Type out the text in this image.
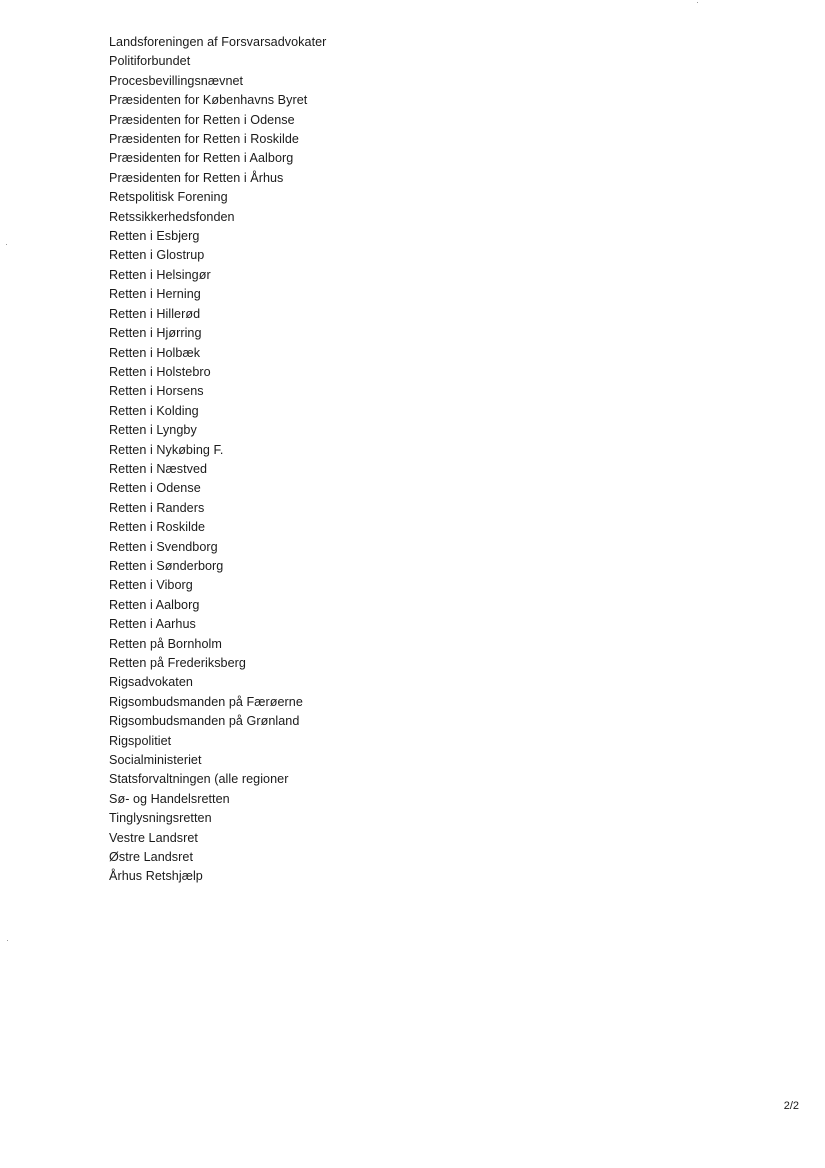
Landsforeningen af Forsvarsadvokater
Politiforbundet
Procesbevillingsnævnet
Præsidenten for Københavns Byret
Præsidenten for Retten i Odense
Præsidenten for Retten i Roskilde
Præsidenten for Retten i Aalborg
Præsidenten for Retten i Århus
Retspolitisk Forening
Retssikkerhedsfonden
Retten i Esbjerg
Retten i Glostrup
Retten i Helsingør
Retten i Herning
Retten i Hillerød
Retten i Hjørring
Retten i Holbæk
Retten i Holstebro
Retten i Horsens
Retten i Kolding
Retten i Lyngby
Retten i Nykøbing F.
Retten i Næstved
Retten i Odense
Retten i Randers
Retten i Roskilde
Retten i Svendborg
Retten i Sønderborg
Retten i Viborg
Retten i Aalborg
Retten i Aarhus
Retten på Bornholm
Retten på Frederiksberg
Rigsadvokaten
Rigsombudsmanden på Færøerne
Rigsombudsmanden på Grønland
Rigspolitiet
Socialministeriet
Statsforvaltningen (alle regioner
Sø- og Handelsretten
Tinglysningsretten
Vestre Landsret
Østre Landsret
Århus Retshjælp
2/2
